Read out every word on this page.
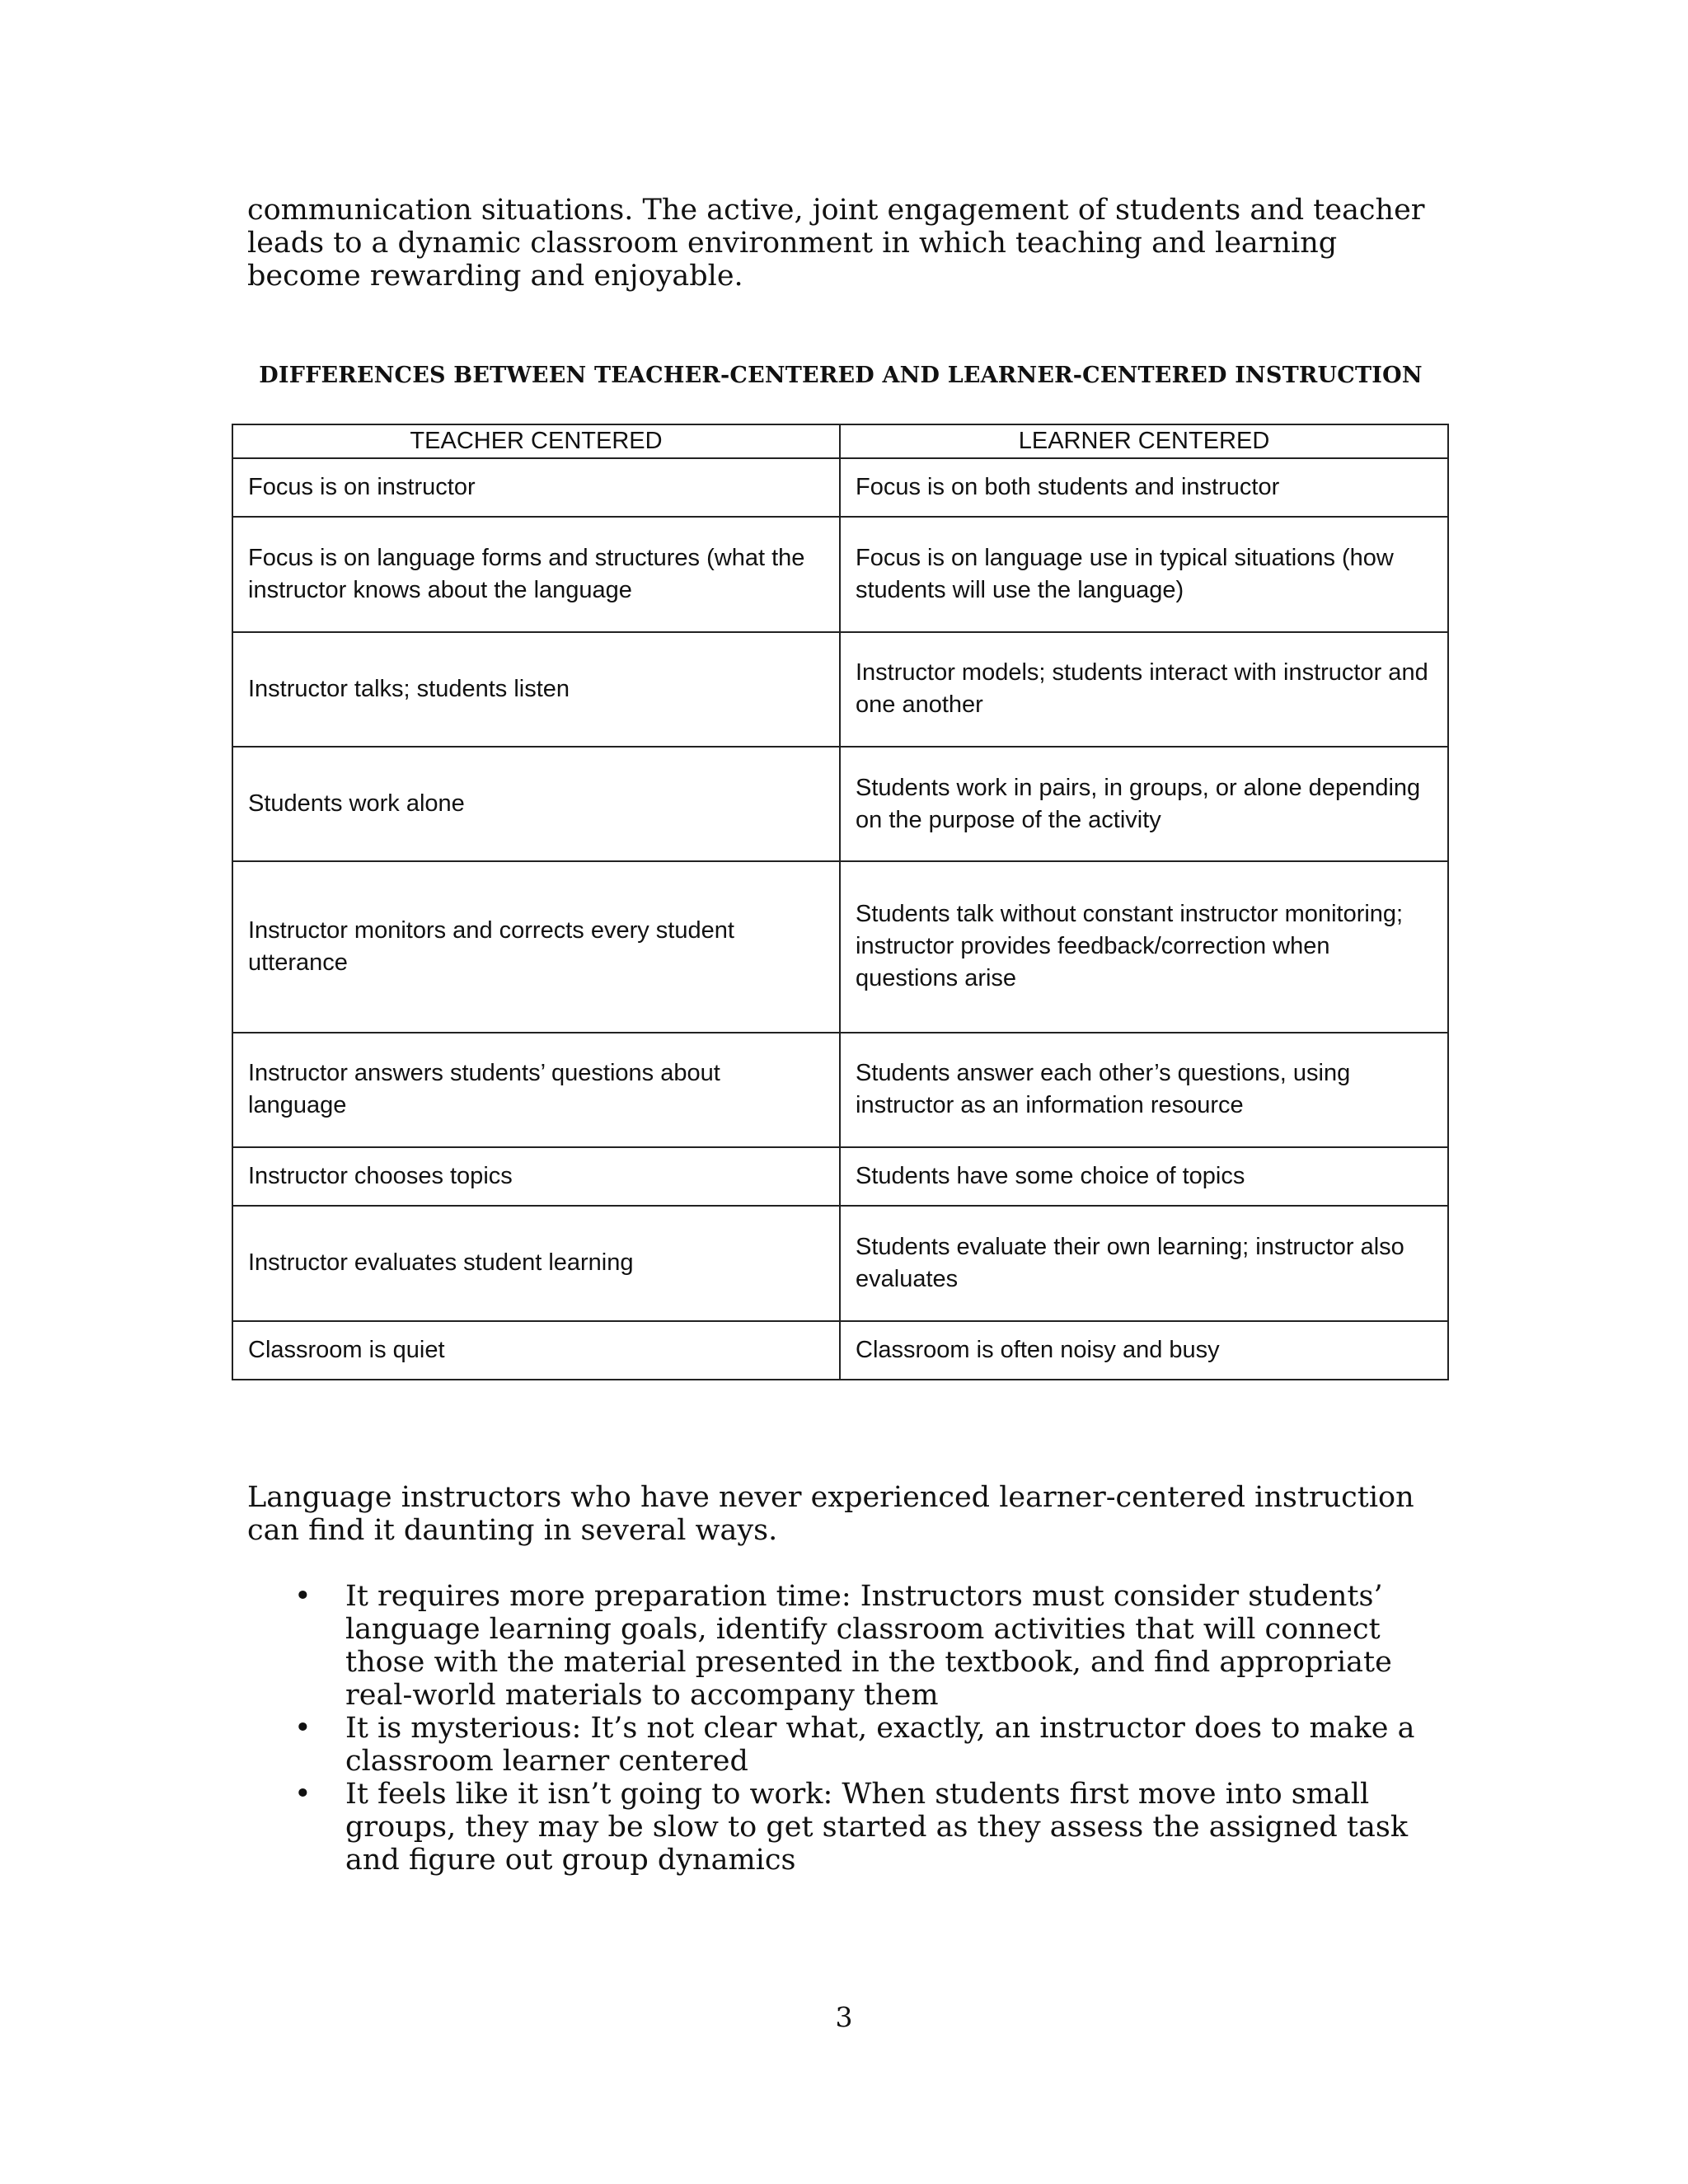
communication situations. The active, joint engagement of students and teacher leads to a dynamic classroom environment in which teaching and learning become rewarding and enjoyable.

DIFFERENCES BETWEEN TEACHER-CENTERED AND LEARNER-CENTERED INSTRUCTION
TEACHER CENTERED	LEARNER CENTERED
Focus is on instructor	Focus is on both students and instructor
Focus is on language forms and structures (what the instructor knows about the language	Focus is on language use in typical situations (how students will use the language)
Instructor talks; students listen	Instructor models; students interact with instructor and one another
Students work alone	Students work in pairs, in groups, or alone depending on the purpose of the activity
Instructor monitors and corrects every student utterance	Students talk without constant instructor monitoring; instructor provides feedback/correction when questions arise
Instructor answers students’ questions about language	Students answer each other’s questions, using instructor as an information resource
Instructor chooses topics	Students have some choice of topics
Instructor evaluates student learning	Students evaluate their own learning; instructor also evaluates
Classroom is quiet	Classroom is often noisy and busy

Language instructors who have never experienced learner-centered instruction can find it daunting in several ways.

• It requires more preparation time: Instructors must consider students’ language learning goals, identify classroom activities that will connect those with the material presented in the textbook, and find appropriate real-world materials to accompany them
• It is mysterious: It’s not clear what, exactly, an instructor does to make a classroom learner centered
• It feels like it isn’t going to work: When students first move into small groups, they may be slow to get started as they assess the assigned task and figure out group dynamics

3
